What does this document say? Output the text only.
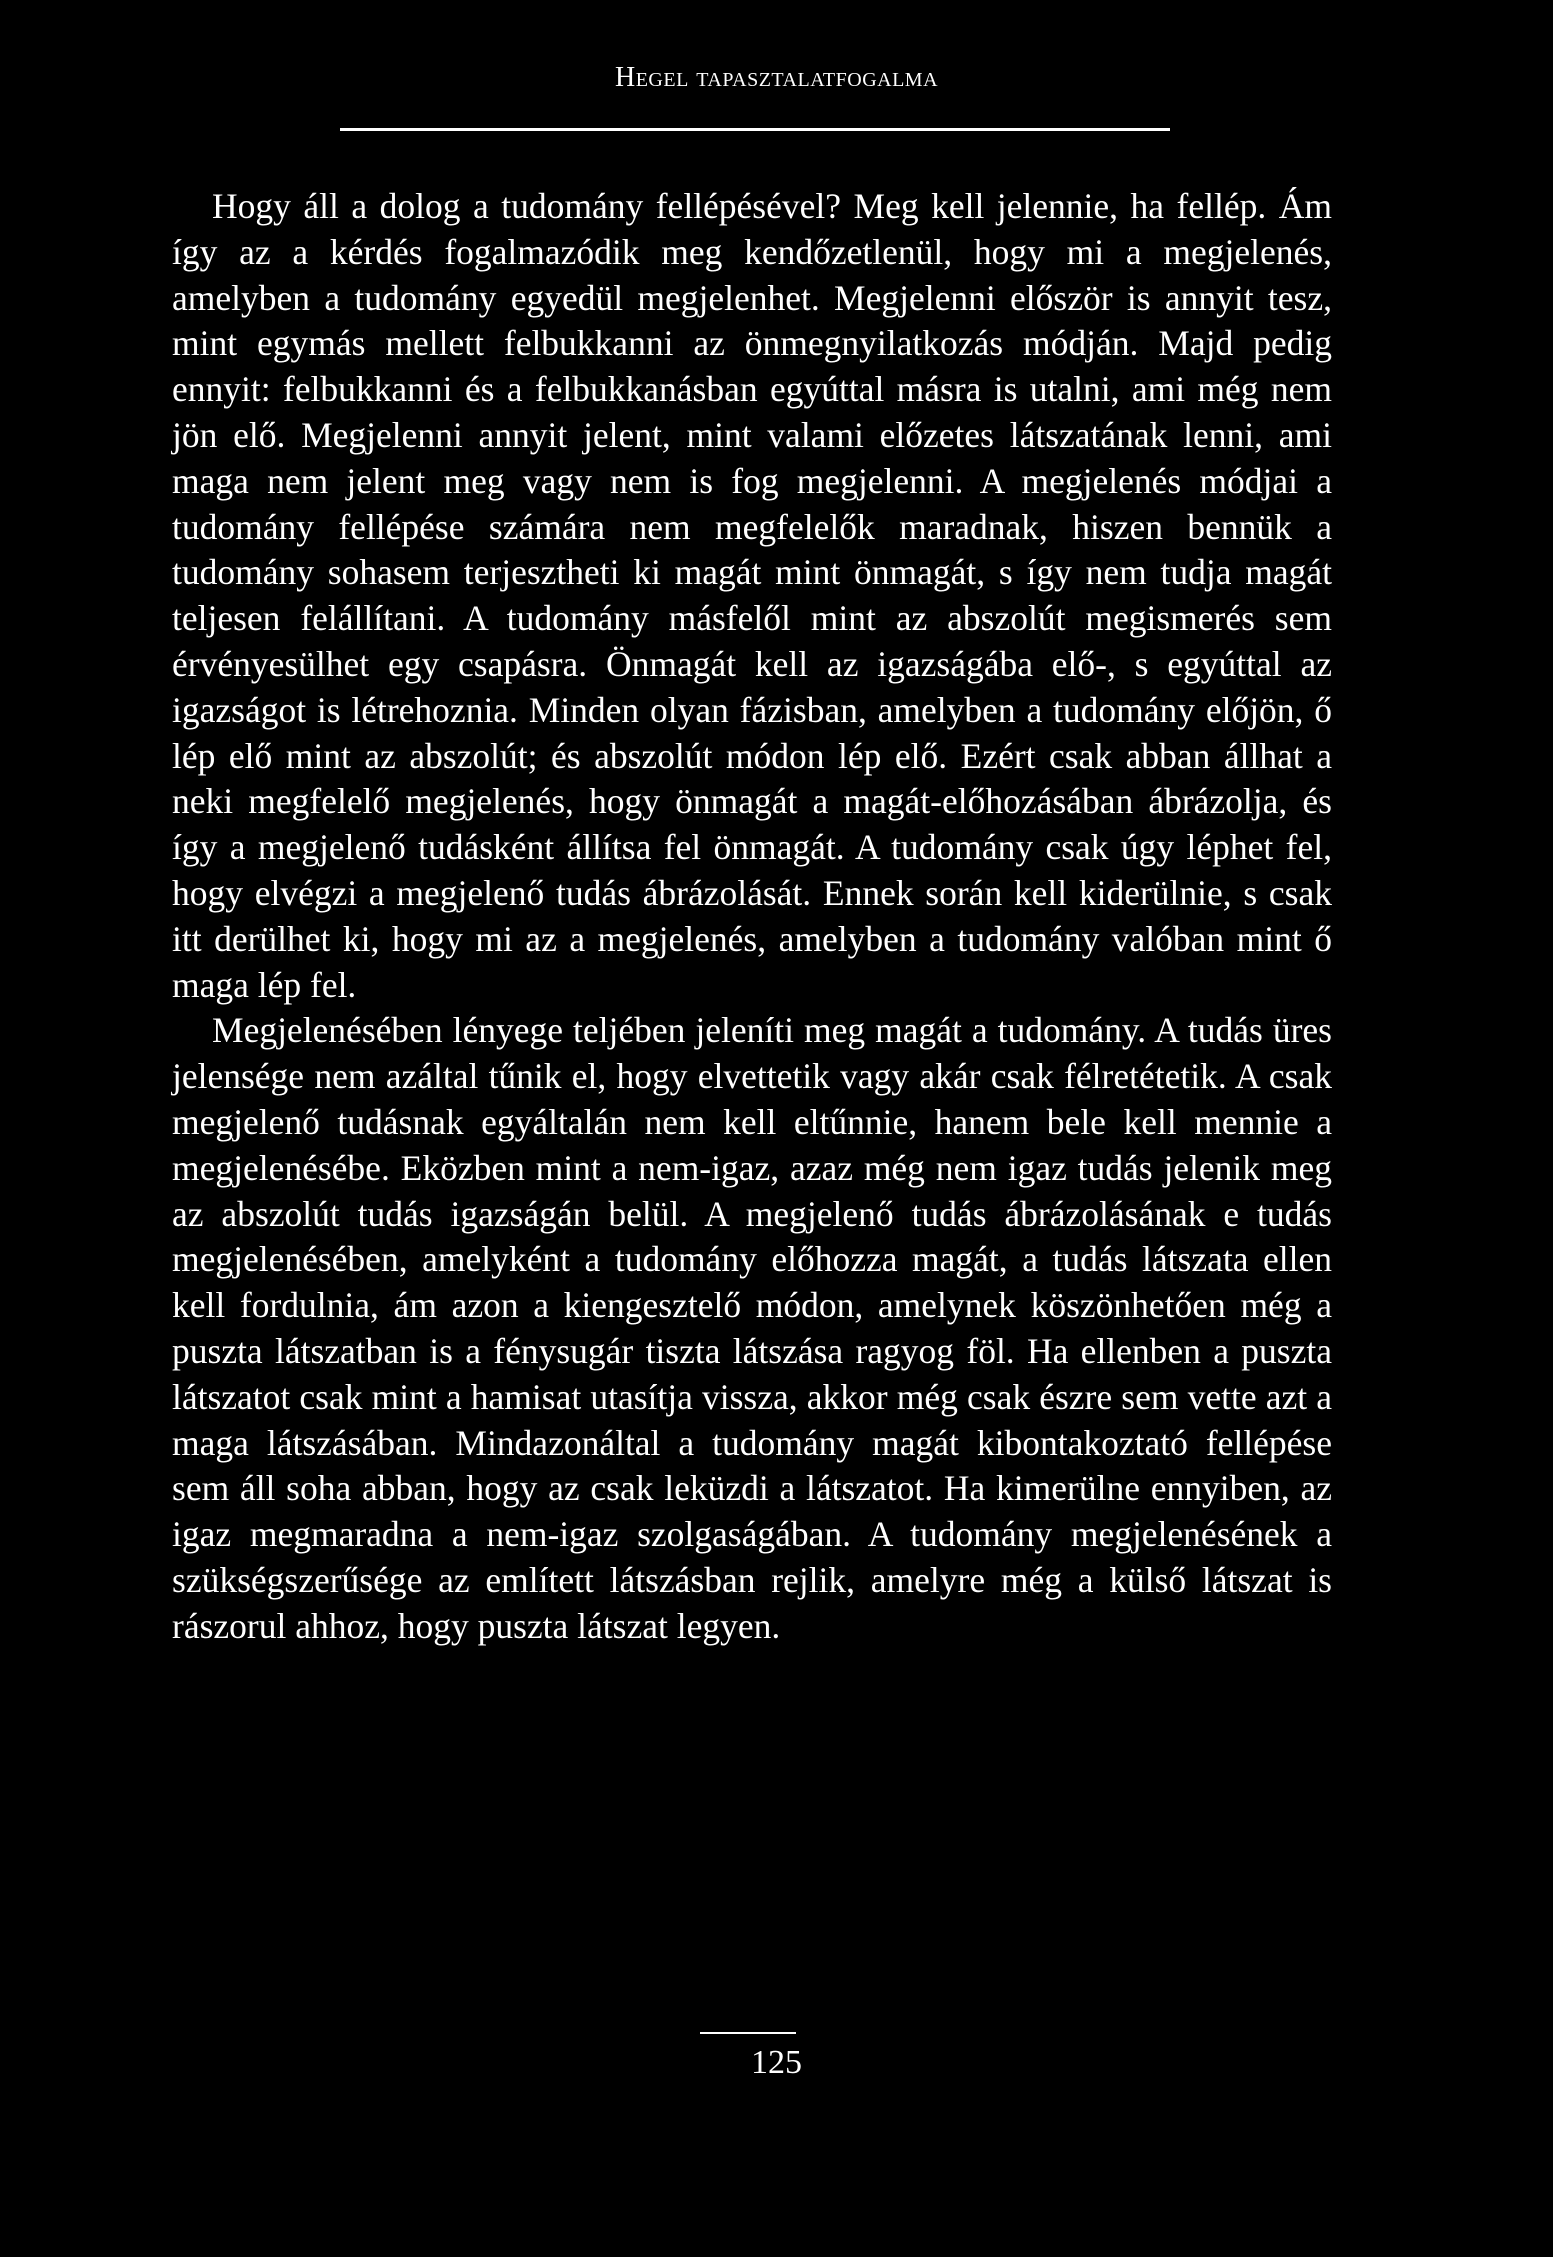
Hegel tapasztalatfogalma

Hogy áll a dolog a tudomány fellépésével? Meg kell jelennie, ha fellép. Ám így az a kérdés fogalmazódik meg kendőzetlenül, hogy mi a megjelenés, amelyben a tudomány egyedül megjelenhet. Megjelenni először is annyit tesz, mint egymás mellett felbukkanni az önmegnyilatkozás módján. Majd pedig ennyit: felbukkanni és a felbukkanásban egyúttal másra is utalni, ami még nem jön elő. Megjelenni annyit jelent, mint valami előzetes látszatának lenni, ami maga nem jelent meg vagy nem is fog megjelenni. A megjelenés módjai a tudomány fellépése számára nem megfelelők maradnak, hiszen bennük a tudomány sohasem terjesztheti ki magát mint önmagát, s így nem tudja magát teljesen felállítani. A tudomány másfelől mint az abszolút megismerés sem érvényesülhet egy csapásra. Önmagát kell az igazságába elő-, s egyúttal az igazságot is létrehoznia. Minden olyan fázisban, amelyben a tudomány előjön, ő lép elő mint az abszolút; és abszolút módon lép elő. Ezért csak abban állhat a neki megfelelő megjelenés, hogy önmagát a magát-előhozásában ábrázolja, és így a megjelenő tudásként állítsa fel önmagát. A tudomány csak úgy léphet fel, hogy elvégzi a megjelenő tudás ábrázolását. Ennek során kell kiderülnie, s csak itt derülhet ki, hogy mi az a megjelenés, amelyben a tudomány valóban mint ő maga lép fel.

Megjelenésében lényege teljében jeleníti meg magát a tudomány. A tudás üres jelensége nem azáltal tűnik el, hogy elvettetik vagy akár csak félretétetik. A csak megjelenő tudásnak egyáltalán nem kell eltűnnie, hanem bele kell mennie a megjelenésébe. Eközben mint a nem-igaz, azaz még nem igaz tudás jelenik meg az abszolút tudás igazságán belül. A megjelenő tudás ábrázolásának e tudás megjelenésében, amelyként a tudomány előhozza magát, a tudás látszata ellen kell fordulnia, ám azon a kiengesztelő módon, amelynek köszönhetően még a puszta látszatban is a fénysugár tiszta látszása ragyog föl. Ha ellenben a puszta látszatot csak mint a hamisat utasítja vissza, akkor még csak észre sem vette azt a maga látszásában. Mindazonáltal a tudomány magát kibontakoztató fellépése sem áll soha abban, hogy az csak leküzdi a látszatot. Ha kimerülne ennyiben, az igaz megmaradna a nem-igaz szolgaságában. A tudomány megjelenésének a szükségszerűsége az említett látszásban rejlik, amelyre még a külső látszat is rászorul ahhoz, hogy puszta látszat legyen.

125
